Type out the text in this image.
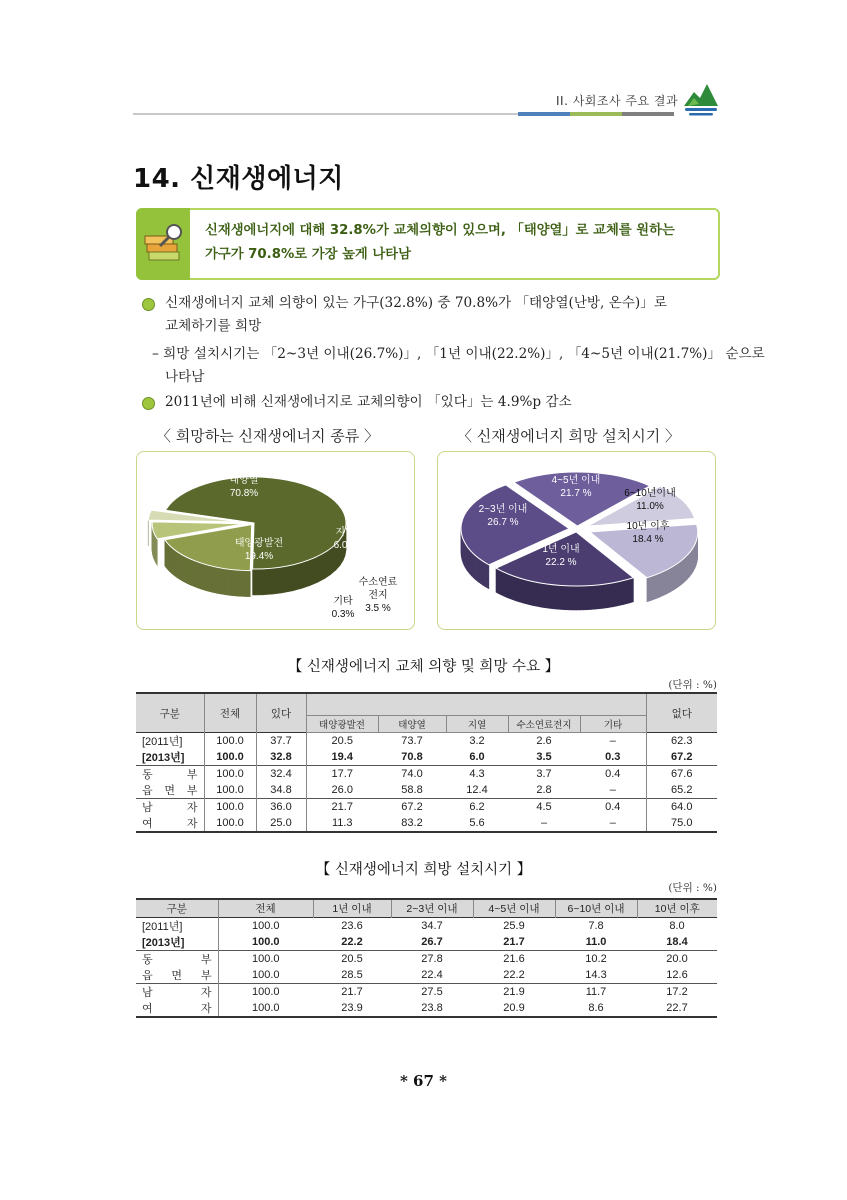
II. 사회조사 주요 결과
14. 신재생에너지
신재생에너지에 대해 32.8%가 교체의향이 있으며, 「태양열」로 교체를 원하는
가구가 70.8%로 가장 높게 나타남
신재생에너지 교체 의향이 있는 가구(32.8%) 중 70.8%가 「태양열(난방, 온수)」로
교체하기를 희망
– 희망 설치시기는 「2~3년 이내(26.7%)」, 「1년 이내(22.2%)」, 「4~5년 이내(21.7%)」 순으로
나타남
2011년에 비해 신재생에너지로 교체의향이 「있다」는 4.9%p 감소
〈 희망하는 신재생에너지 종류 〉	〈 신재생에너지 희망 설치시기 〉
태양열
70.8%
태양광발전
19.4%
지열
6.0%
수소연료
전지
3.5 %
기타
0.3%
4~5년 이내
21.7 %	6~10년이내
11.0%
2~3년 이내
26.7 %	10년 이후
18.4 %
1년 이내
22.2 %
【 신재생에너지 교체 의향 및 희망 수요 】
(단위 : %)
구분	전체	있다						없다
			태양광발전	태양열	지열	수소연료전지	기타	
[2011년]	100.0	37.7	20.5	73.7	3.2	2.6	–	62.3
[2013년]	100.0	32.8	19.4	70.8	6.0	3.5	0.3	67.2
동 부	100.0	32.4	17.7	74.0	4.3	3.7	0.4	67.6
읍 면 부	100.0	34.8	26.0	58.8	12.4	2.8	–	65.2
남 자	100.0	36.0	21.7	67.2	6.2	4.5	0.4	64.0
여 자	100.0	25.0	11.3	83.2	5.6	–	–	75.0
【 신재생에너지 희방 설치시기 】
(단위 : %)
구분	전체	1년 이내	2~3년 이내	4~5년 이내	6~10년 이내	10년 이후
[2011년]	100.0	23.6	34.7	25.9	7.8	8.0
[2013년]	100.0	22.2	26.7	21.7	11.0	18.4
동 부	100.0	20.5	27.8	21.6	10.2	20.0
읍 면 부	100.0	28.5	22.4	22.2	14.3	12.6
남 자	100.0	21.7	27.5	21.9	11.7	17.2
여 자	100.0	23.9	23.8	20.9	8.6	22.7
* 67 *
